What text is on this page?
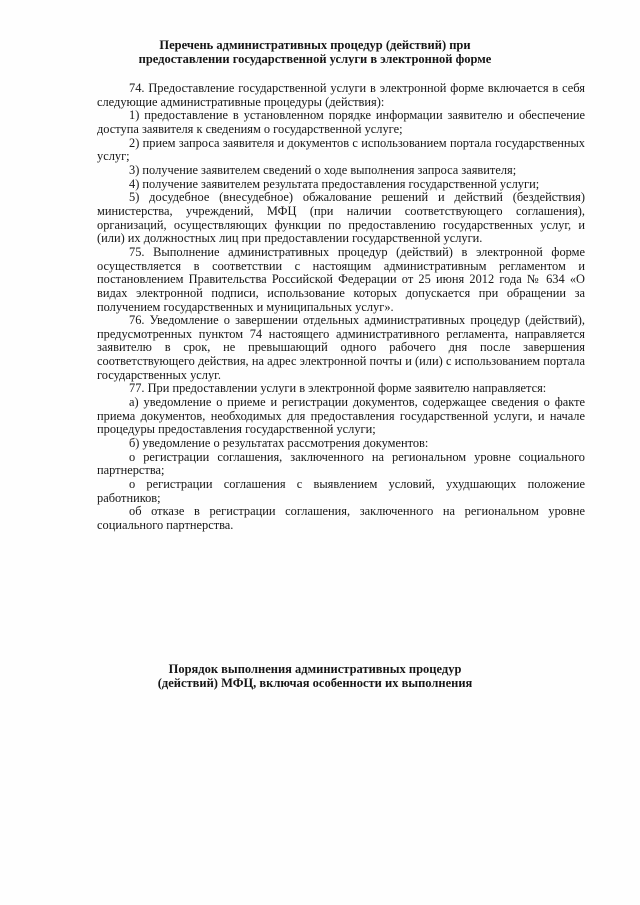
Перечень административных процедур (действий) при
предоставлении государственной услуги в электронной форме

74. Предоставление государственной услуги в электронной форме включается в себя следующие административные процедуры (действия):

1) предоставление в установленном порядке информации заявителю и обеспечение доступа заявителя к сведениям о государственной услуге;

2) прием запроса заявителя и документов с использованием портала государственных услуг;

3) получение заявителем сведений о ходе выполнения запроса заявителя;

4) получение заявителем результата предоставления государственной услуги;

5) досудебное (внесудебное) обжалование решений и действий (бездействия) министерства, учреждений, МФЦ (при наличии соответствующего соглашения), организаций, осуществляющих функции по предоставлению государственных услуг, и (или) их должностных лиц при предоставлении государственной услуги.

75. Выполнение административных процедур (действий) в электронной форме осуществляется в соответствии с настоящим административным регламентом и постановлением Правительства Российской Федерации от 25 июня 2012 года № 634 «О видах электронной подписи, использование которых допускается при обращении за получением государственных и муниципальных услуг».

76. Уведомление о завершении отдельных административных процедур (действий), предусмотренных пунктом 74 настоящего административного регламента, направляется заявителю в срок, не превышающий одного рабочего дня после завершения соответствующего действия, на адрес электронной почты и (или) с использованием портала государственных услуг.

77. При предоставлении услуги в электронной форме заявителю направляется:

а) уведомление о приеме и регистрации документов, содержащее сведения о факте приема документов, необходимых для предоставления государственной услуги, и начале процедуры предоставления государственной услуги;

б) уведомление о результатах рассмотрения документов:

о регистрации соглашения, заключенного на региональном уровне социального партнерства;

о регистрации соглашения с выявлением условий, ухудшающих положение работников;

об отказе в регистрации соглашения, заключенного на региональном уровне социального партнерства.

Порядок выполнения административных процедур
(действий) МФЦ, включая особенности их выполнения
